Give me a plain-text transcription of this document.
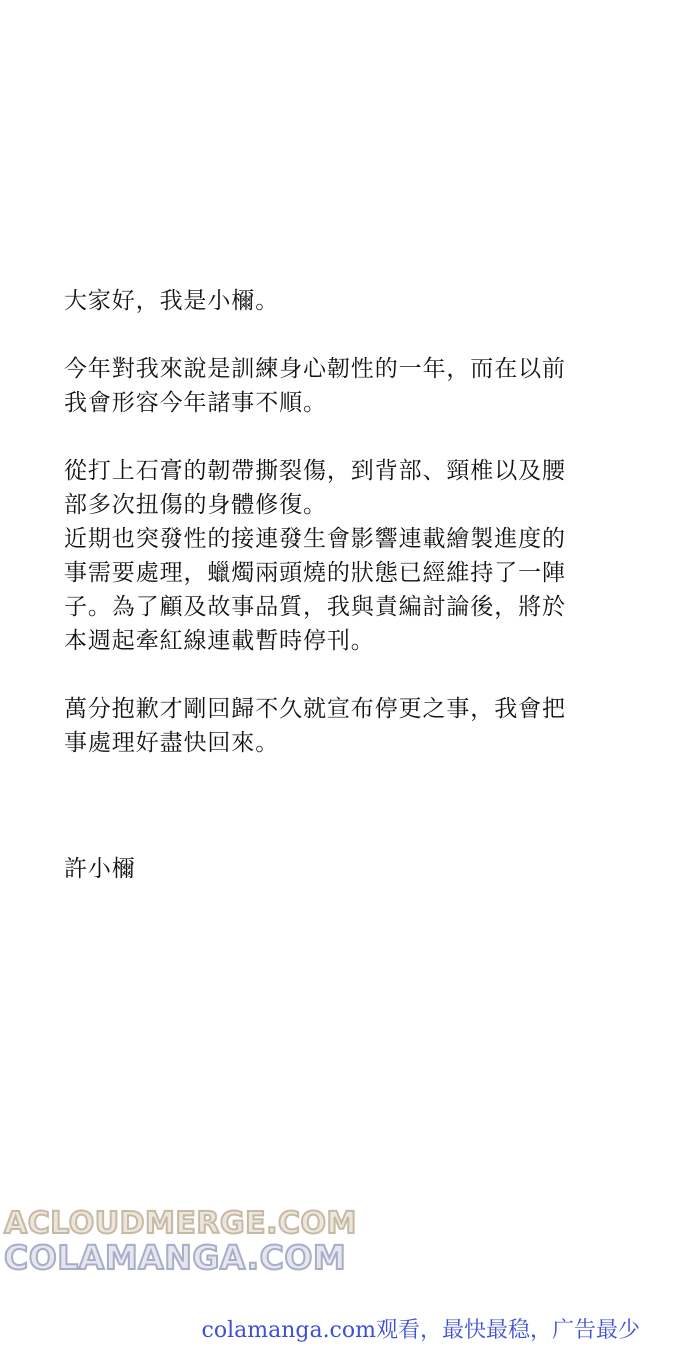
大家好，我是小檷。
今年對我來說是訓練身心韌性的一年，而在以前
我會形容今年諸事不順。
從打上石膏的韌帶撕裂傷，到背部、頸椎以及腰
部多次扭傷的身體修復。
近期也突發性的接連發生會影響連載繪製進度的
事需要處理，蠟燭兩頭燒的狀態已經維持了一陣
子。為了顧及故事品質，我與責編討論後，將於
本週起牽紅線連載暫時停刊。
萬分抱歉才剛回歸不久就宣布停更之事，我會把
事處理好盡快回來。
許小檷
ACLOUDMERGE.COM
COLAMANGA.COM
colamanga.com观看，最快最稳，广告最少
